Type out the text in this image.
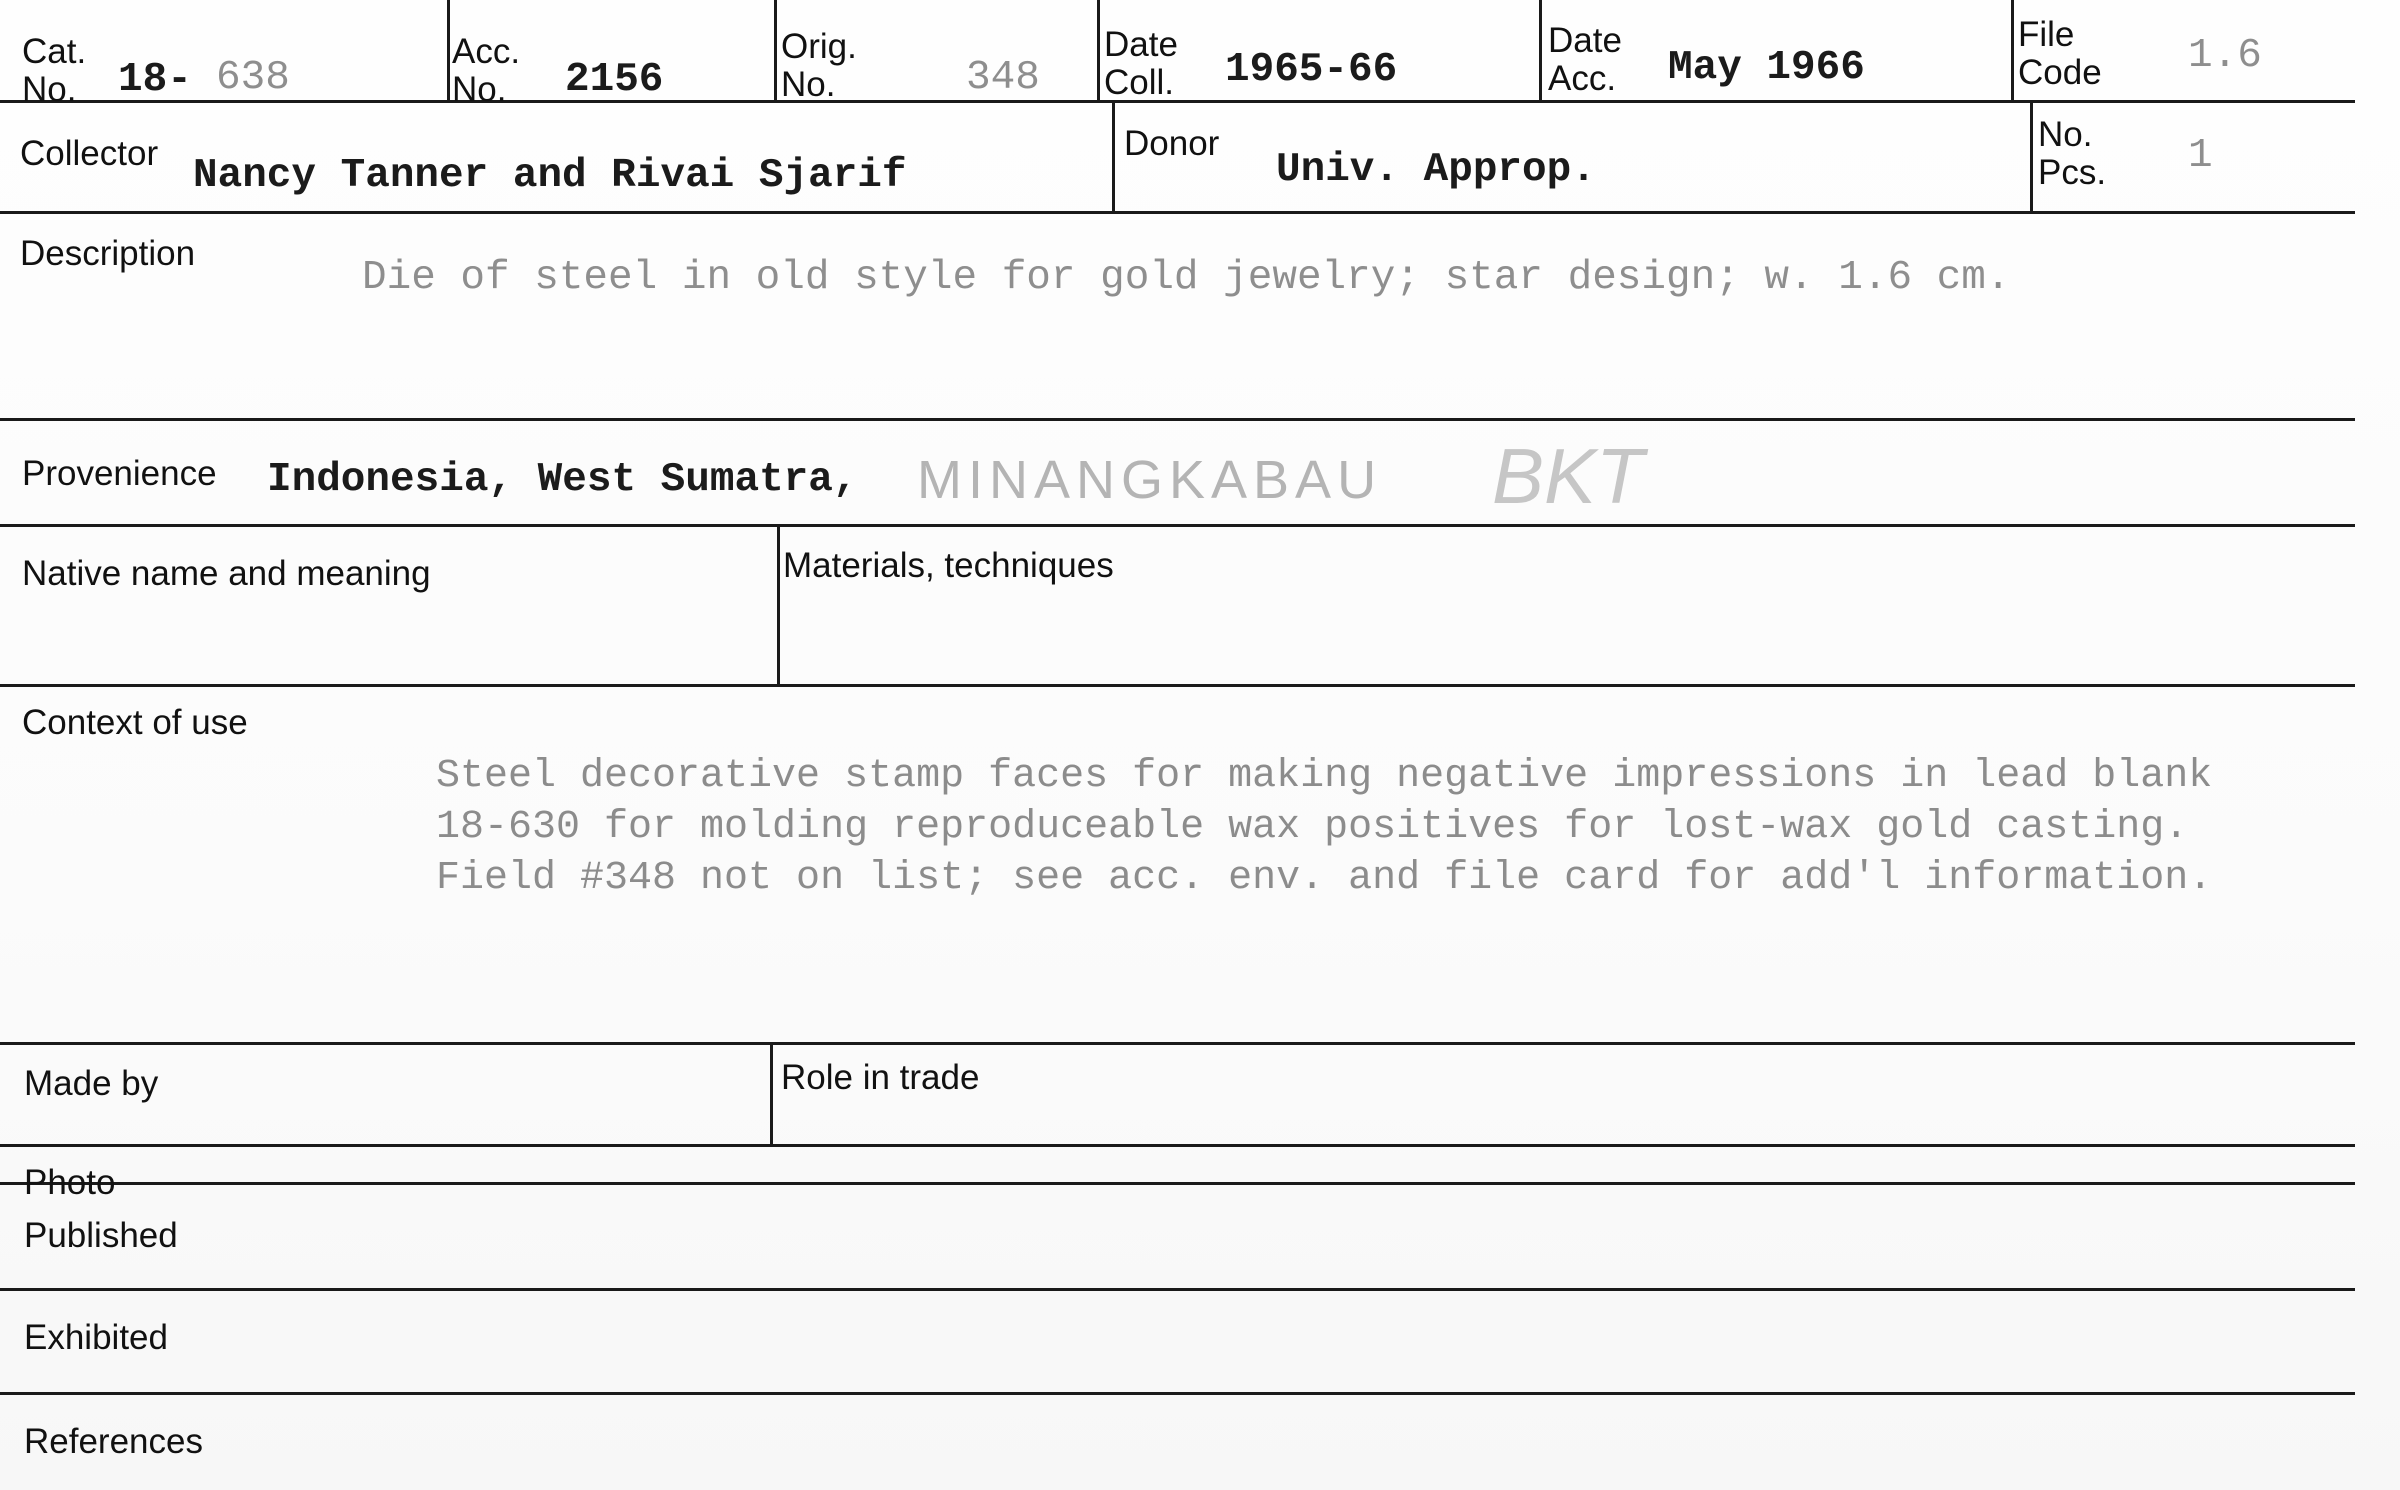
Cat.
No. 18- 638
Acc.
No.	2156
Orig.
No.	348
Date
Coll. 1965-66
Date
Acc. May 1966
File
Code 1.6
Collector Nancy Tanner and Rivai Sjarif
Donor
Univ. Approp.
No.
Pcs. 1
Description
Die of steel in old style for gold jewelry; star design; w. 1.6 cm.
Provenience Indonesia, West Sumatra, MINANGKABAU BKT
Native name and meaning	Materials, techniques
Context of use
Steel decorative stamp faces for making negative impressions in lead blank
18-630 for molding reproduceable wax positives for lost-wax gold casting.
Field #348 not on list; see acc. env. and file card for add'l information.
Made by	Role in trade
Photo
Published
Exhibited
References
